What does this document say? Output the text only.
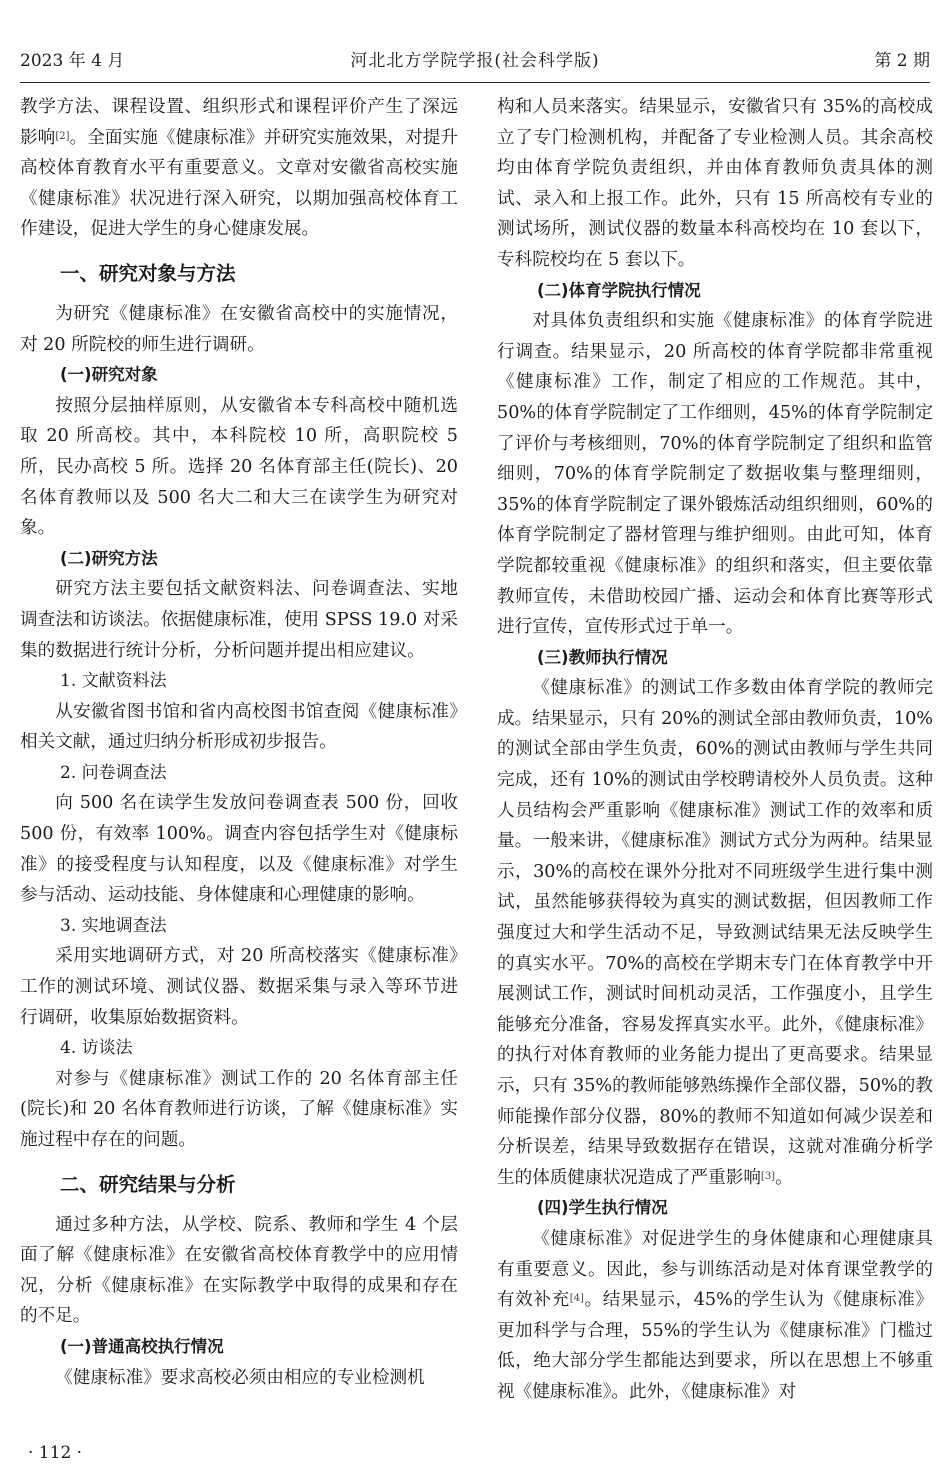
2023 年 4 月	河北北方学院学报(社会科学版)	第 2 期

教学方法、课程设置、组织形式和课程评价产生了深远影响[2]。全面实施《健康标准》并研究实施效果，对提升高校体育教育水平有重要意义。文章对安徽省高校实施《健康标准》状况进行深入研究，以期加强高校体育工作建设，促进大学生的身心健康发展。

一、研究对象与方法

为研究《健康标准》在安徽省高校中的实施情况，对 20 所院校的师生进行调研。

(一)研究对象

按照分层抽样原则，从安徽省本专科高校中随机选取 20 所高校。其中，本科院校 10 所，高职院校 5 所，民办高校 5 所。选择 20 名体育部主任(院长)、20 名体育教师以及 500 名大二和大三在读学生为研究对象。

(二)研究方法

研究方法主要包括文献资料法、问卷调查法、实地调查法和访谈法。依据健康标准，使用 SPSS 19.0 对采集的数据进行统计分析，分析问题并提出相应建议。

1. 文献资料法

从安徽省图书馆和省内高校图书馆查阅《健康标准》相关文献，通过归纳分析形成初步报告。

2. 问卷调查法

向 500 名在读学生发放问卷调查表 500 份，回收 500 份，有效率 100%。调查内容包括学生对《健康标准》的接受程度与认知程度，以及《健康标准》对学生参与活动、运动技能、身体健康和心理健康的影响。

3. 实地调查法

采用实地调研方式，对 20 所高校落实《健康标准》工作的测试环境、测试仪器、数据采集与录入等环节进行调研，收集原始数据资料。

4. 访谈法

对参与《健康标准》测试工作的 20 名体育部主任(院长)和 20 名体育教师进行访谈，了解《健康标准》实施过程中存在的问题。

二、研究结果与分析

通过多种方法，从学校、院系、教师和学生 4 个层面了解《健康标准》在安徽省高校体育教学中的应用情况，分析《健康标准》在实际教学中取得的成果和存在的不足。

(一)普通高校执行情况

《健康标准》要求高校必须由相应的专业检测机

构和人员来落实。结果显示，安徽省只有 35%的高校成立了专门检测机构，并配备了专业检测人员。其余高校均由体育学院负责组织，并由体育教师负责具体的测试、录入和上报工作。此外，只有 15 所高校有专业的测试场所，测试仪器的数量本科高校均在 10 套以下，专科院校均在 5 套以下。

(二)体育学院执行情况

对具体负责组织和实施《健康标准》的体育学院进行调查。结果显示，20 所高校的体育学院都非常重视《健康标准》工作，制定了相应的工作规范。其中，50%的体育学院制定了工作细则，45%的体育学院制定了评价与考核细则，70%的体育学院制定了组织和监管细则，70%的体育学院制定了数据收集与整理细则，35%的体育学院制定了课外锻炼活动组织细则，60%的体育学院制定了器材管理与维护细则。由此可知，体育学院都较重视《健康标准》的组织和落实，但主要依靠教师宣传，未借助校园广播、运动会和体育比赛等形式进行宣传，宣传形式过于单一。

(三)教师执行情况

《健康标准》的测试工作多数由体育学院的教师完成。结果显示，只有 20%的测试全部由教师负责，10%的测试全部由学生负责，60%的测试由教师与学生共同完成，还有 10%的测试由学校聘请校外人员负责。这种人员结构会严重影响《健康标准》测试工作的效率和质量。一般来讲，《健康标准》测试方式分为两种。结果显示，30%的高校在课外分批对不同班级学生进行集中测试，虽然能够获得较为真实的测试数据，但因教师工作强度过大和学生活动不足，导致测试结果无法反映学生的真实水平。70%的高校在学期末专门在体育教学中开展测试工作，测试时间机动灵活，工作强度小，且学生能够充分准备，容易发挥真实水平。此外，《健康标准》的执行对体育教师的业务能力提出了更高要求。结果显示，只有 35%的教师能够熟练操作全部仪器，50%的教师能操作部分仪器，80%的教师不知道如何减少误差和分析误差，结果导致数据存在错误，这就对准确分析学生的体质健康状况造成了严重影响[3]。

(四)学生执行情况

《健康标准》对促进学生的身体健康和心理健康具有重要意义。因此，参与训练活动是对体育课堂教学的有效补充[4]。结果显示，45%的学生认为《健康标准》更加科学与合理，55%的学生认为《健康标准》门槛过低，绝大部分学生都能达到要求，所以在思想上不够重视《健康标准》。此外，《健康标准》对

· 112 ·
